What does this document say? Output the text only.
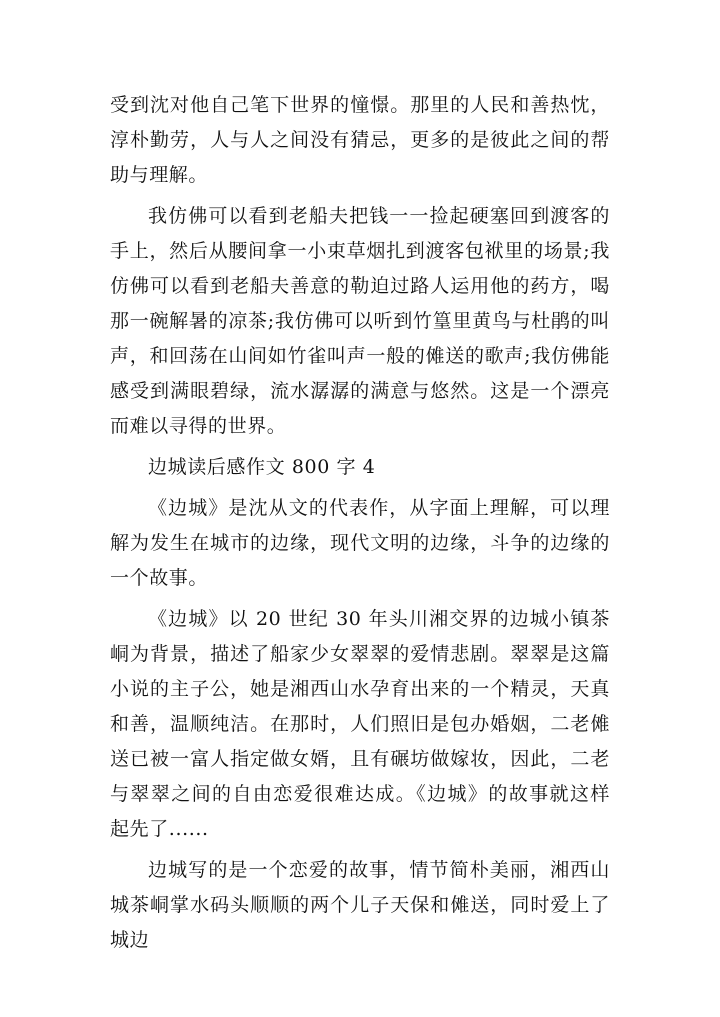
受到沈对他自己笔下世界的憧憬。那里的人民和善热忱，淳朴勤劳，人与人之间没有猜忌，更多的是彼此之间的帮助与理解。

我仿佛可以看到老船夫把钱一一捡起硬塞回到渡客的手上，然后从腰间拿一小束草烟扎到渡客包袱里的场景;我仿佛可以看到老船夫善意的勒迫过路人运用他的药方，喝那一碗解暑的凉茶;我仿佛可以听到竹篁里黄鸟与杜鹃的叫声，和回荡在山间如竹雀叫声一般的傩送的歌声;我仿佛能感受到满眼碧绿，流水潺潺的满意与悠然。这是一个漂亮而难以寻得的世界。

边城读后感作文 800 字 4

《边城》是沈从文的代表作，从字面上理解，可以理解为发生在城市的边缘，现代文明的边缘，斗争的边缘的一个故事。

《边城》以 20 世纪 30 年头川湘交界的边城小镇茶峒为背景，描述了船家少女翠翠的爱情悲剧。翠翠是这篇小说的主子公，她是湘西山水孕育出来的一个精灵，天真和善，温顺纯洁。在那时，人们照旧是包办婚姻，二老傩送已被一富人指定做女婿，且有碾坊做嫁妆，因此，二老与翠翠之间的自由恋爱很难达成。《边城》的故事就这样起先了......

边城写的是一个恋爱的故事，情节简朴美丽，湘西山城茶峒掌水码头顺顺的两个儿子天保和傩送，同时爱上了城边
